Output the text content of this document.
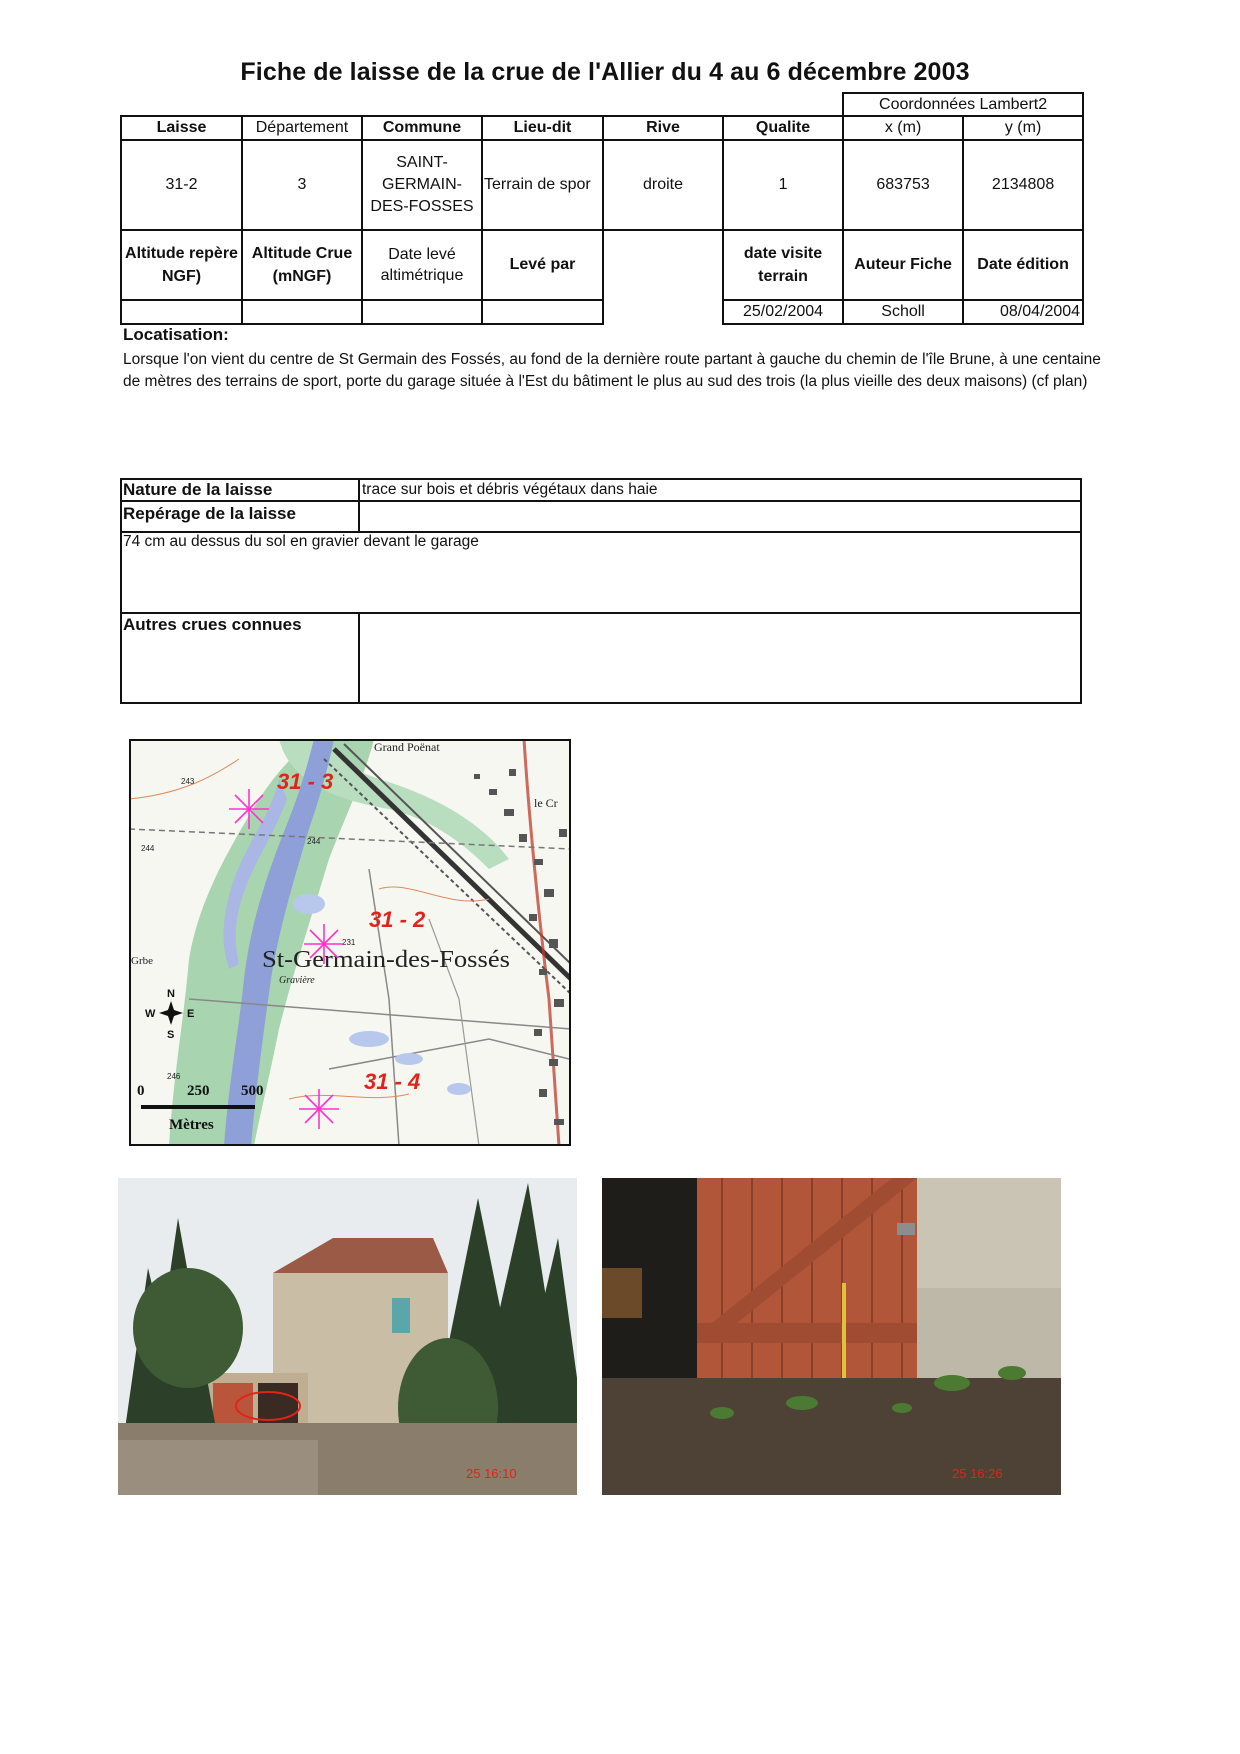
Fiche de laisse de la crue de l'Allier du 4 au 6 décembre 2003
						Coordonnées Lambert2	
Laisse	Département	Commune	Lieu-dit	Rive	Qualite	x (m)	y (m)
31-2	3	SAINT-GERMAIN-DES-FOSSES	Terrain de spor	droite	1	683753	2134808
Altitude repère NGF)	Altitude Crue (mNGF)	Date levé altimétrique	Levé par		date visite terrain	Auteur Fiche	Date édition
					25/02/2004	Scholl	08/04/2004
Locatisation:
Lorsque l'on vient du centre de St Germain des Fossés, au fond de la dernière route partant à gauche du chemin de l'île Brune, à une centaine de mètres des terrains de sport, porte du garage située à l'Est du bâtiment le plus au sud des trois (la plus vieille des deux maisons) (cf plan)
Nature de la laisse	trace sur bois et débris végétaux dans haie
Repérage de la laisse
74 cm au dessus du sol en gravier devant le garage
Autres crues connues
Grand Poënat
le Cr
Grbe
Gravière
243
244
246
244
231
St-Germain-des-Fossés
31 - 3
31 - 2
31 - 4
N
S
E
W
0	250 500
Mètres
25 16:10	25 16:26
